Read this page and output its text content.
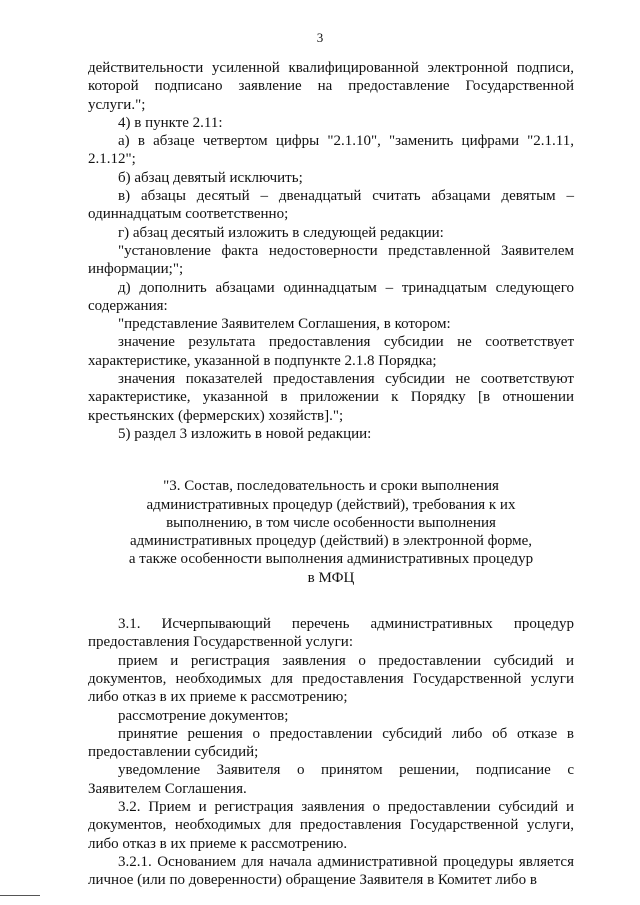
3

действительности усиленной квалифицированной электронной подписи, которой подписано заявление на предоставление Государственной услуги.";

4) в пункте 2.11:

а) в абзаце четвертом цифры "2.1.10", "заменить цифрами "2.1.11, 2.1.12";

б) абзац девятый исключить;

в) абзацы десятый – двенадцатый считать абзацами девятым – одиннадцатым соответственно;

г) абзац десятый изложить в следующей редакции:

"установление факта недостоверности представленной Заявителем информации;";

д) дополнить абзацами одиннадцатым – тринадцатым следующего содержания:

"представление Заявителем Соглашения, в котором:

значение результата предоставления субсидии не соответствует характеристике, указанной в подпункте 2.1.8 Порядка;

значения показателей предоставления субсидии не соответствуют характеристике, указанной в приложении к Порядку [в отношении крестьянских (фермерских) хозяйств].";

5) раздел 3 изложить в новой редакции:

"3. Состав, последовательность и сроки выполнения
административных процедур (действий), требования к их
выполнению, в том числе особенности выполнения
административных процедур (действий) в электронной форме,
а также особенности выполнения административных процедур
в МФЦ

3.1. Исчерпывающий перечень административных процедур предоставления Государственной услуги:

прием и регистрация заявления о предоставлении субсидий и документов, необходимых для предоставления Государственной услуги либо отказ в их приеме к рассмотрению;

рассмотрение документов;

принятие решения о предоставлении субсидий либо об отказе в предоставлении субсидий;

уведомление Заявителя о принятом решении, подписание с Заявителем Соглашения.

3.2. Прием и регистрация заявления о предоставлении субсидий и документов, необходимых для предоставления Государственной услуги, либо отказ в их приеме к рассмотрению.

3.2.1. Основанием для начала административной процедуры является личное (или по доверенности) обращение Заявителя в Комитет либо в
